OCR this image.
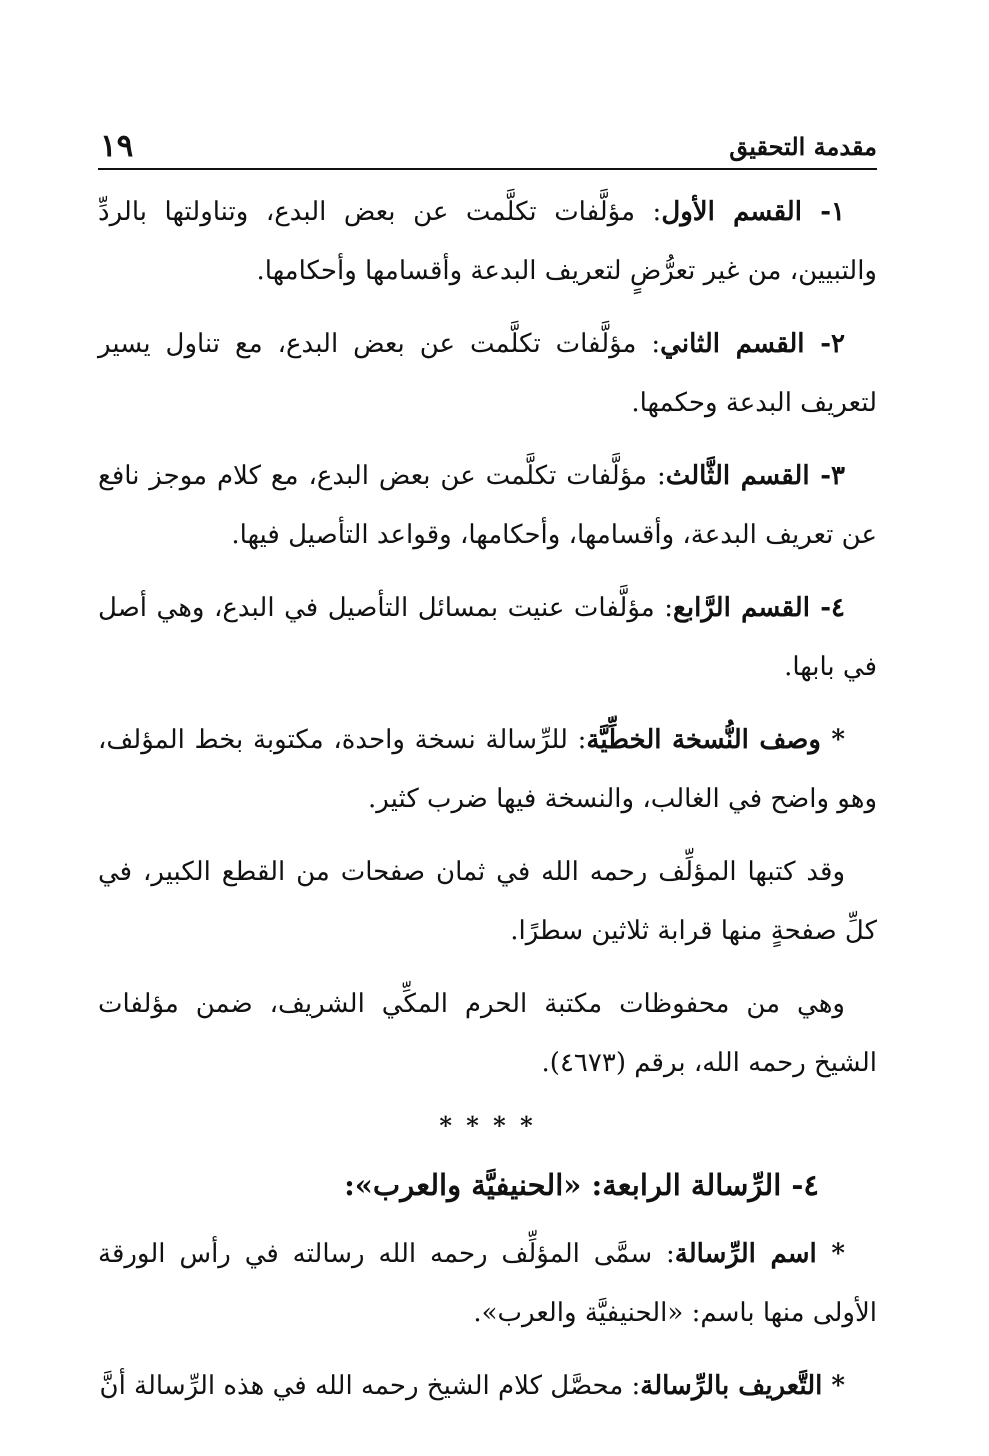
مقدمة التحقيق
١٩

١- القسم الأول: مؤلَّفات تكلَّمت عن بعض البدع، وتناولتها بالردِّ والتبيين، من غير تعرُّضٍ لتعريف البدعة وأقسامها وأحكامها.

٢- القسم الثاني: مؤلَّفات تكلَّمت عن بعض البدع، مع تناول يسير لتعريف البدعة وحكمها.

٣- القسم الثَّالث: مؤلَّفات تكلَّمت عن بعض البدع، مع كلام موجز نافع عن تعريف البدعة، وأقسامها، وأحكامها، وقواعد التأصيل فيها.

٤- القسم الرَّابع: مؤلَّفات عنيت بمسائل التأصيل في البدع، وهي أصل في بابها.

* وصف النُّسخة الخطِّيَّة: للرِّسالة نسخة واحدة، مكتوبة بخط المؤلف، وهو واضح في الغالب، والنسخة فيها ضرب كثير.

وقد كتبها المؤلِّف رحمه الله في ثمان صفحات من القطع الكبير، في كلِّ صفحةٍ منها قرابة ثلاثين سطرًا.

وهي من محفوظات مكتبة الحرم المكِّي الشريف، ضمن مؤلفات الشيخ رحمه الله، برقم (٤٦٧٣).

* * * *
٤- الرِّسالة الرابعة: «الحنيفيَّة والعرب»:

* اسم الرِّسالة: سمَّى المؤلِّف رحمه الله رسالته في رأس الورقة الأولى منها باسم: «الحنيفيَّة والعرب».

* التَّعريف بالرِّسالة: محصَّل كلام الشيخ رحمه الله في هذه الرِّسالة أنَّ
